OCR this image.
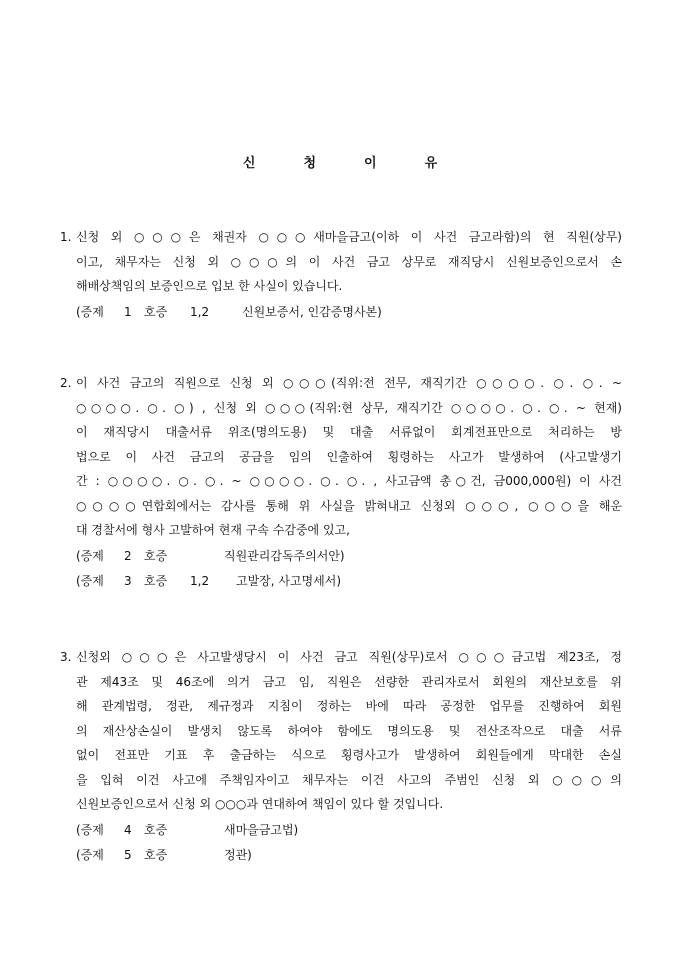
신	청	이	유
1. 신청 외 ○○○은 채권자 ○○○새마을금고(이하 이 사건 금고라함)의 현 직원(상무)
이고, 채무자는 신청 외 ○○○의 이 사건 금고 상무로 재직당시 신원보증인으로서 손
해배상책임의 보증인으로 입보 한 사실이 있습니다.
(증제 1 호증 1,2	신원보증서, 인감증명사본)
2. 이 사건 금고의 직원으로 신청 외 ○○○(직위:전 전무, 재직기간 ○○○○. ○. ○. ~
○○○○. ○. ○) , 신청 외 ○○○(직위:현 상무, 재직기간 ○○○○. ○. ○. ~ 현재)
이 재직당시 대출서류 위조(명의도용) 및 대출 서류없이 회계전표만으로 처리하는 방
법으로 이 사건 금고의 공금을 임의 인출하여 횡령하는 사고가 발생하여 (사고발생기
간 : ○○○○. ○. ○. ~ ○○○○. ○. ○. , 사고금액 총○건, 금000,000원) 이 사건
○○○○연합회에서는 감사를 통해 위 사실을 밝혀내고 신청외 ○○○, ○○○을 해운
대 경찰서에 형사 고발하여 현재 구속 수감중에 있고,
(증제 2 호증	직원관리감독주의서안)
(증제 3 호증 1,2 고발장, 사고명세서)
3. 신청외 ○○○은 사고발생당시 이 사건 금고 직원(상무)로서 ○○○금고법 제23조, 정
관 제43조 및 46조에 의거 금고 임, 직원은 선량한 관리자로서 회원의 재산보호를 위
해 관계법령, 정관, 제규정과 지침이 정하는 바에 따라 공정한 업무를 진행하여 회원
의 재산상손실이 발생치 않도록 하여야 함에도 명의도용 및 전산조작으로 대출 서류
없이 전표만 기표 후 출금하는 식으로 횡령사고가 발생하여 회원들에게 막대한 손실
을 입혀 이건 사고에 주책임자이고 채무자는 이건 사고의 주범인 신청 외 ○○○의
신원보증인으로서 신청 외 ○○○과 연대하여 책임이 있다 할 것입니다.
(증제 4 호증	새마을금고법)
(증제 5 호증	정관)
